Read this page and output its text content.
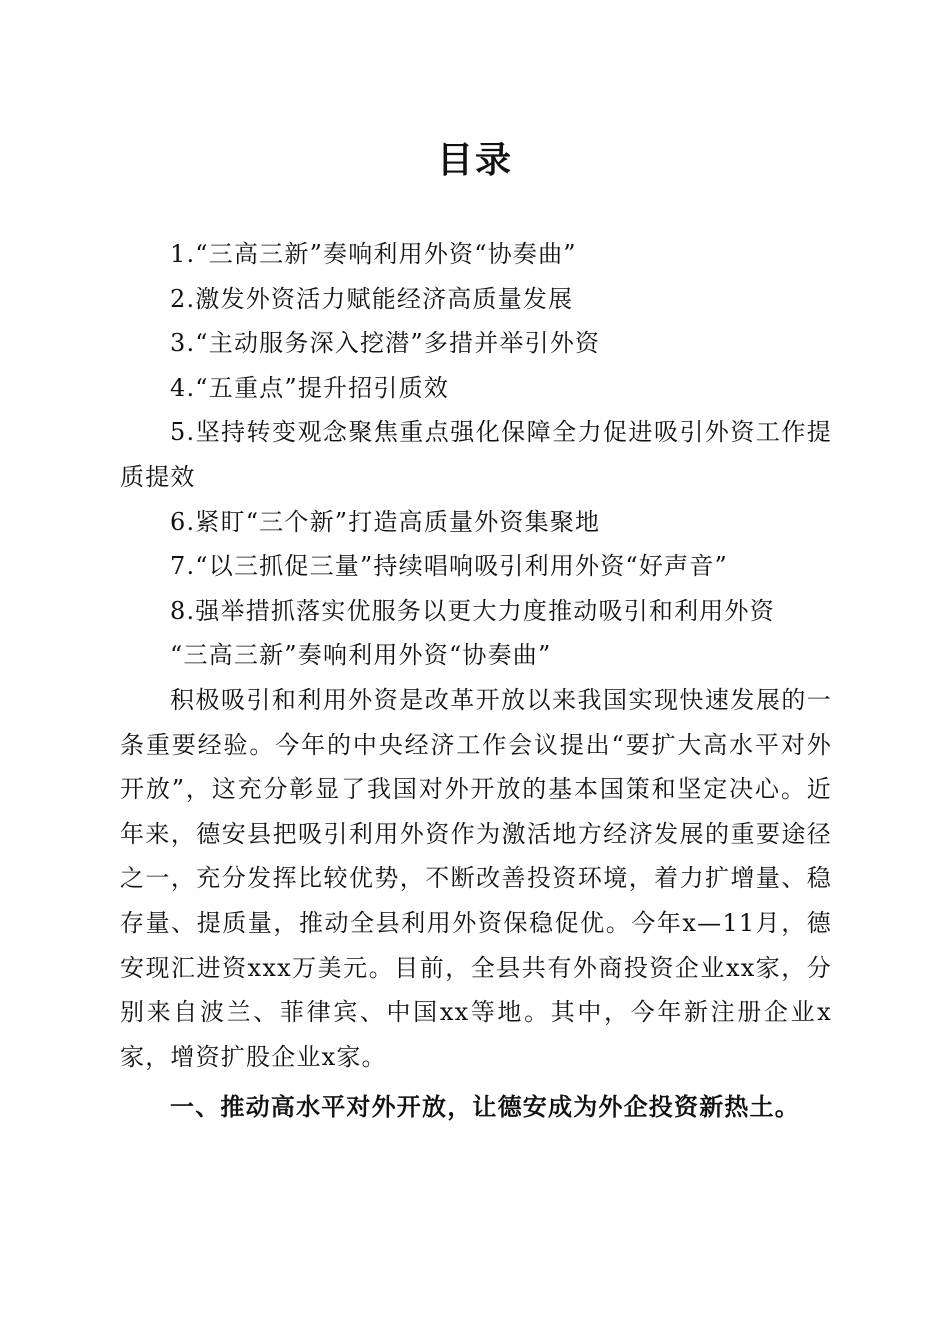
目录

1.“三高三新”奏响利用外资“协奏曲”

2.激发外资活力赋能经济高质量发展

3.“主动服务深入挖潜”多措并举引外资

4.“五重点”提升招引质效

5.坚持转变观念聚焦重点强化保障全力促进吸引外资工作提质提效

6.紧盯“三个新”打造高质量外资集聚地

7.“以三抓促三量”持续唱响吸引利用外资“好声音”

8.强举措抓落实优服务以更大力度推动吸引和利用外资

“三高三新”奏响利用外资“协奏曲”

积极吸引和利用外资是改革开放以来我国实现快速发展的一条重要经验。今年的中央经济工作会议提出“要扩大高水平对外开放”，这充分彰显了我国对外开放的基本国策和坚定决心。近年来，德安县把吸引利用外资作为激活地方经济发展的重要途径之一，充分发挥比较优势，不断改善投资环境，着力扩增量、稳存量、提质量，推动全县利用外资保稳促优。今年x—11月，德安现汇进资xxx万美元。目前，全县共有外商投资企业xx家，分别来自波兰、菲律宾、中国xx等地。其中，今年新注册企业x家，增资扩股企业x家。

一、推动高水平对外开放，让德安成为外企投资新热土。
